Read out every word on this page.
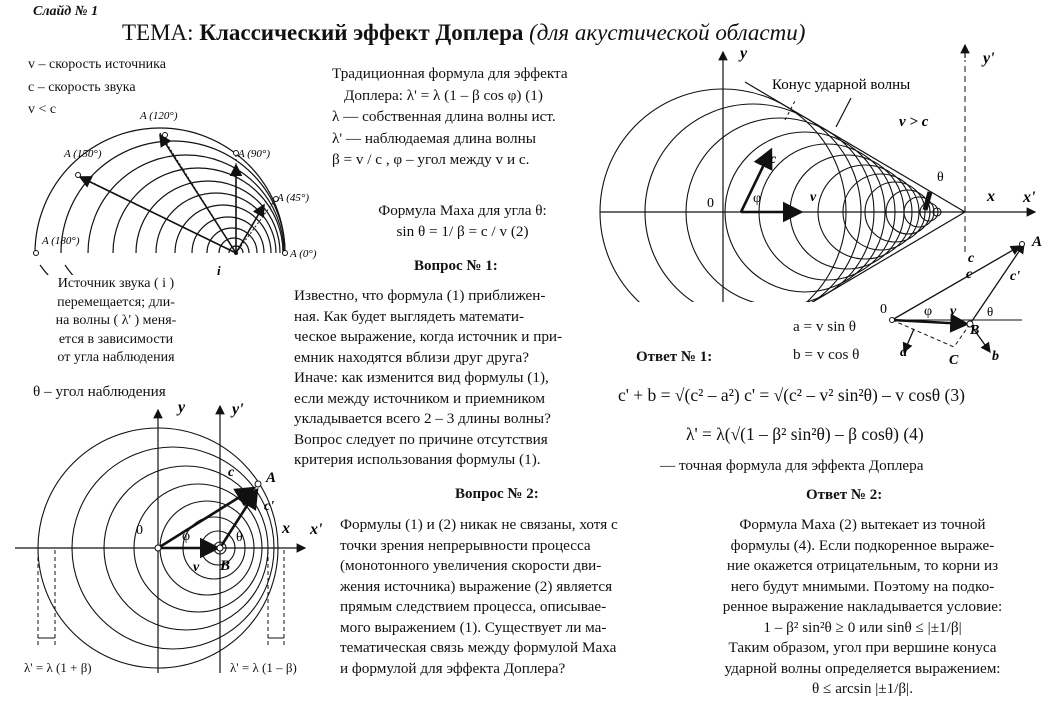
Слайд № 1
ТЕМА: Классический эффект Доплера (для акустической области)
v – скорость источника
c – скорость звука
v < c	A (120°)
A (150°)	A (90°)
A (45°)
A (180°)
A (0°)
i
Источник звука ( i )
перемещается; дли-
на волны ( λ' ) меня-
ется в зависимости
от угла наблюдения
θ – угол наблюдения
y	y'
x x'
0
A
B
c
c'
v
φ	θ
λ' = λ (1 + β)	λ' = λ (1 – β)
Традиционная формула для эффекта
Доплера: λ' = λ (1 – β cos φ) (1)
λ — собственная длина волны ист.
λ' — наблюдаемая длина волны
β = v / c , φ – угол между v и c.
Формула Маха для угла θ:
sin θ = 1/ β = c / v (2)
Вопрос № 1:
Известно, что формула (1) приближен-
ная. Как будет выглядеть математи-
ческое выражение, когда источник и при-
емник находятся вблизи друг друга?
Иначе: как изменится вид формулы (1),
если между источником и приемником
укладывается всего 2 – 3 длины волны?
Вопрос следует по причине отсутствия
критерия использования формулы (1).
Вопрос № 2:
Формулы (1) и (2) никак не связаны, хотя с
точки зрения непрерывности процесса
(монотонного увеличения скорости дви-
жения источника) выражение (2) является
прямым следствием процесса, описывае-
мого выражением (1). Существует ли ма-
тематическая связь между формулой Маха
и формулой для эффекта Доплера?
Конус ударной волны
v > c
y	y'
x x'
0
c
v
φ
θ
c
A
B
C
a	b
c	c'
v
φ	θ
0
a = v sin θ
b = v cos θ
Ответ № 1:
c' + b = √(c² – a²) c' = √(c² – v² sin²θ) – v cosθ (3)
λ' = λ(√(1 – β² sin²θ) – β cosθ) (4)
— точная формула для эффекта Доплера
Ответ № 2:
Формула Маха (2) вытекает из точной
формулы (4). Если подкоренное выраже-
ние окажется отрицательным, то корни из
него будут мнимыми. Поэтому на подко-
ренное выражение накладывается условие:
1 – β² sin²θ ≥ 0 или sinθ ≤ |±1/β|
Таким образом, угол при вершине конуса
ударной волны определяется выражением:
θ ≤ arcsin |±1/β|.
